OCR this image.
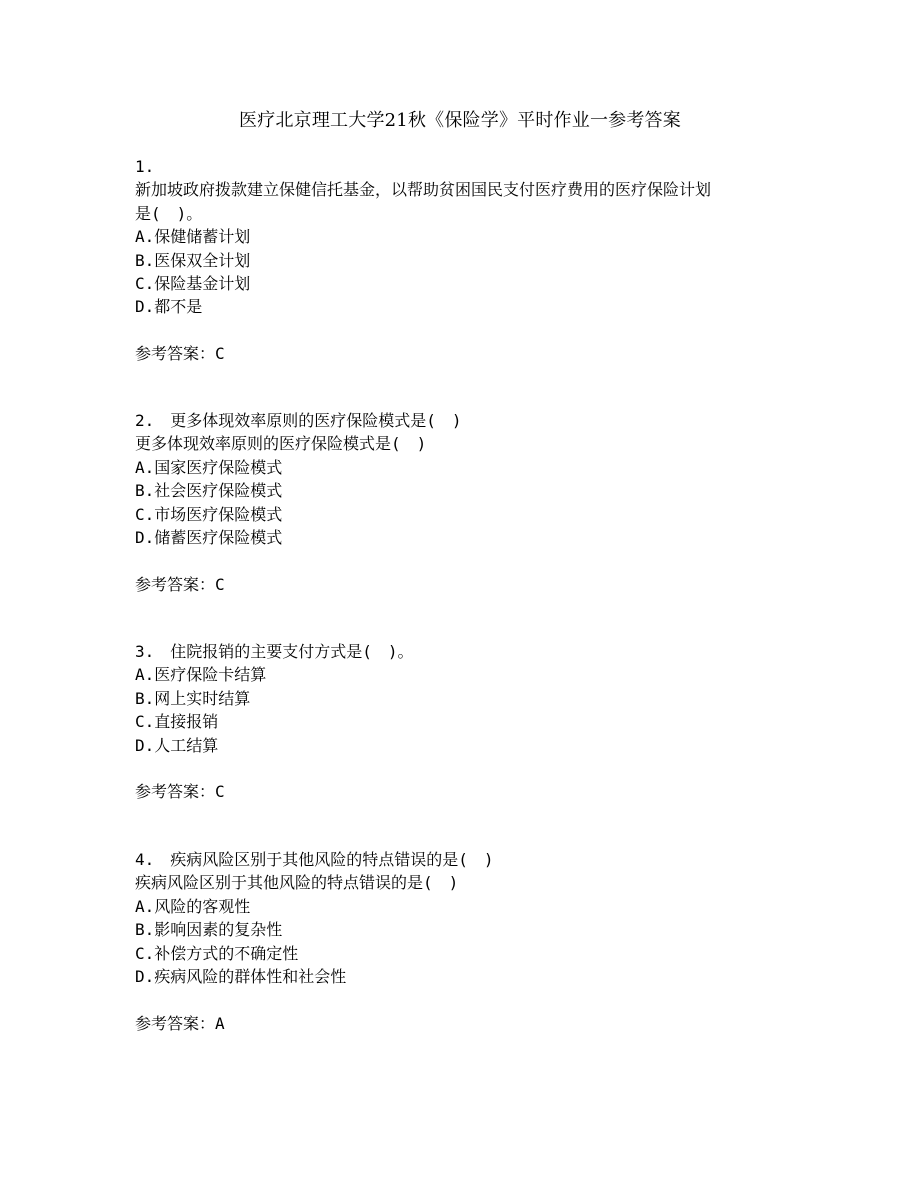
医疗北京理工大学21秋《保险学》平时作业一参考答案
1.
新加坡政府拨款建立保健信托基金，以帮助贫困国民支付医疗费用的医疗保险计划
是(　)。
A.保健储蓄计划
B.医保双全计划
C.保险基金计划
D.都不是
参考答案：C
2.　更多体现效率原则的医疗保险模式是(　)
更多体现效率原则的医疗保险模式是(　)
A.国家医疗保险模式
B.社会医疗保险模式
C.市场医疗保险模式
D.储蓄医疗保险模式
参考答案：C
3.　住院报销的主要支付方式是(　)。
A.医疗保险卡结算
B.网上实时结算
C.直接报销
D.人工结算
参考答案：C
4.　疾病风险区别于其他风险的特点错误的是(　)
疾病风险区别于其他风险的特点错误的是(　)
A.风险的客观性
B.影响因素的复杂性
C.补偿方式的不确定性
D.疾病风险的群体性和社会性
参考答案：A
